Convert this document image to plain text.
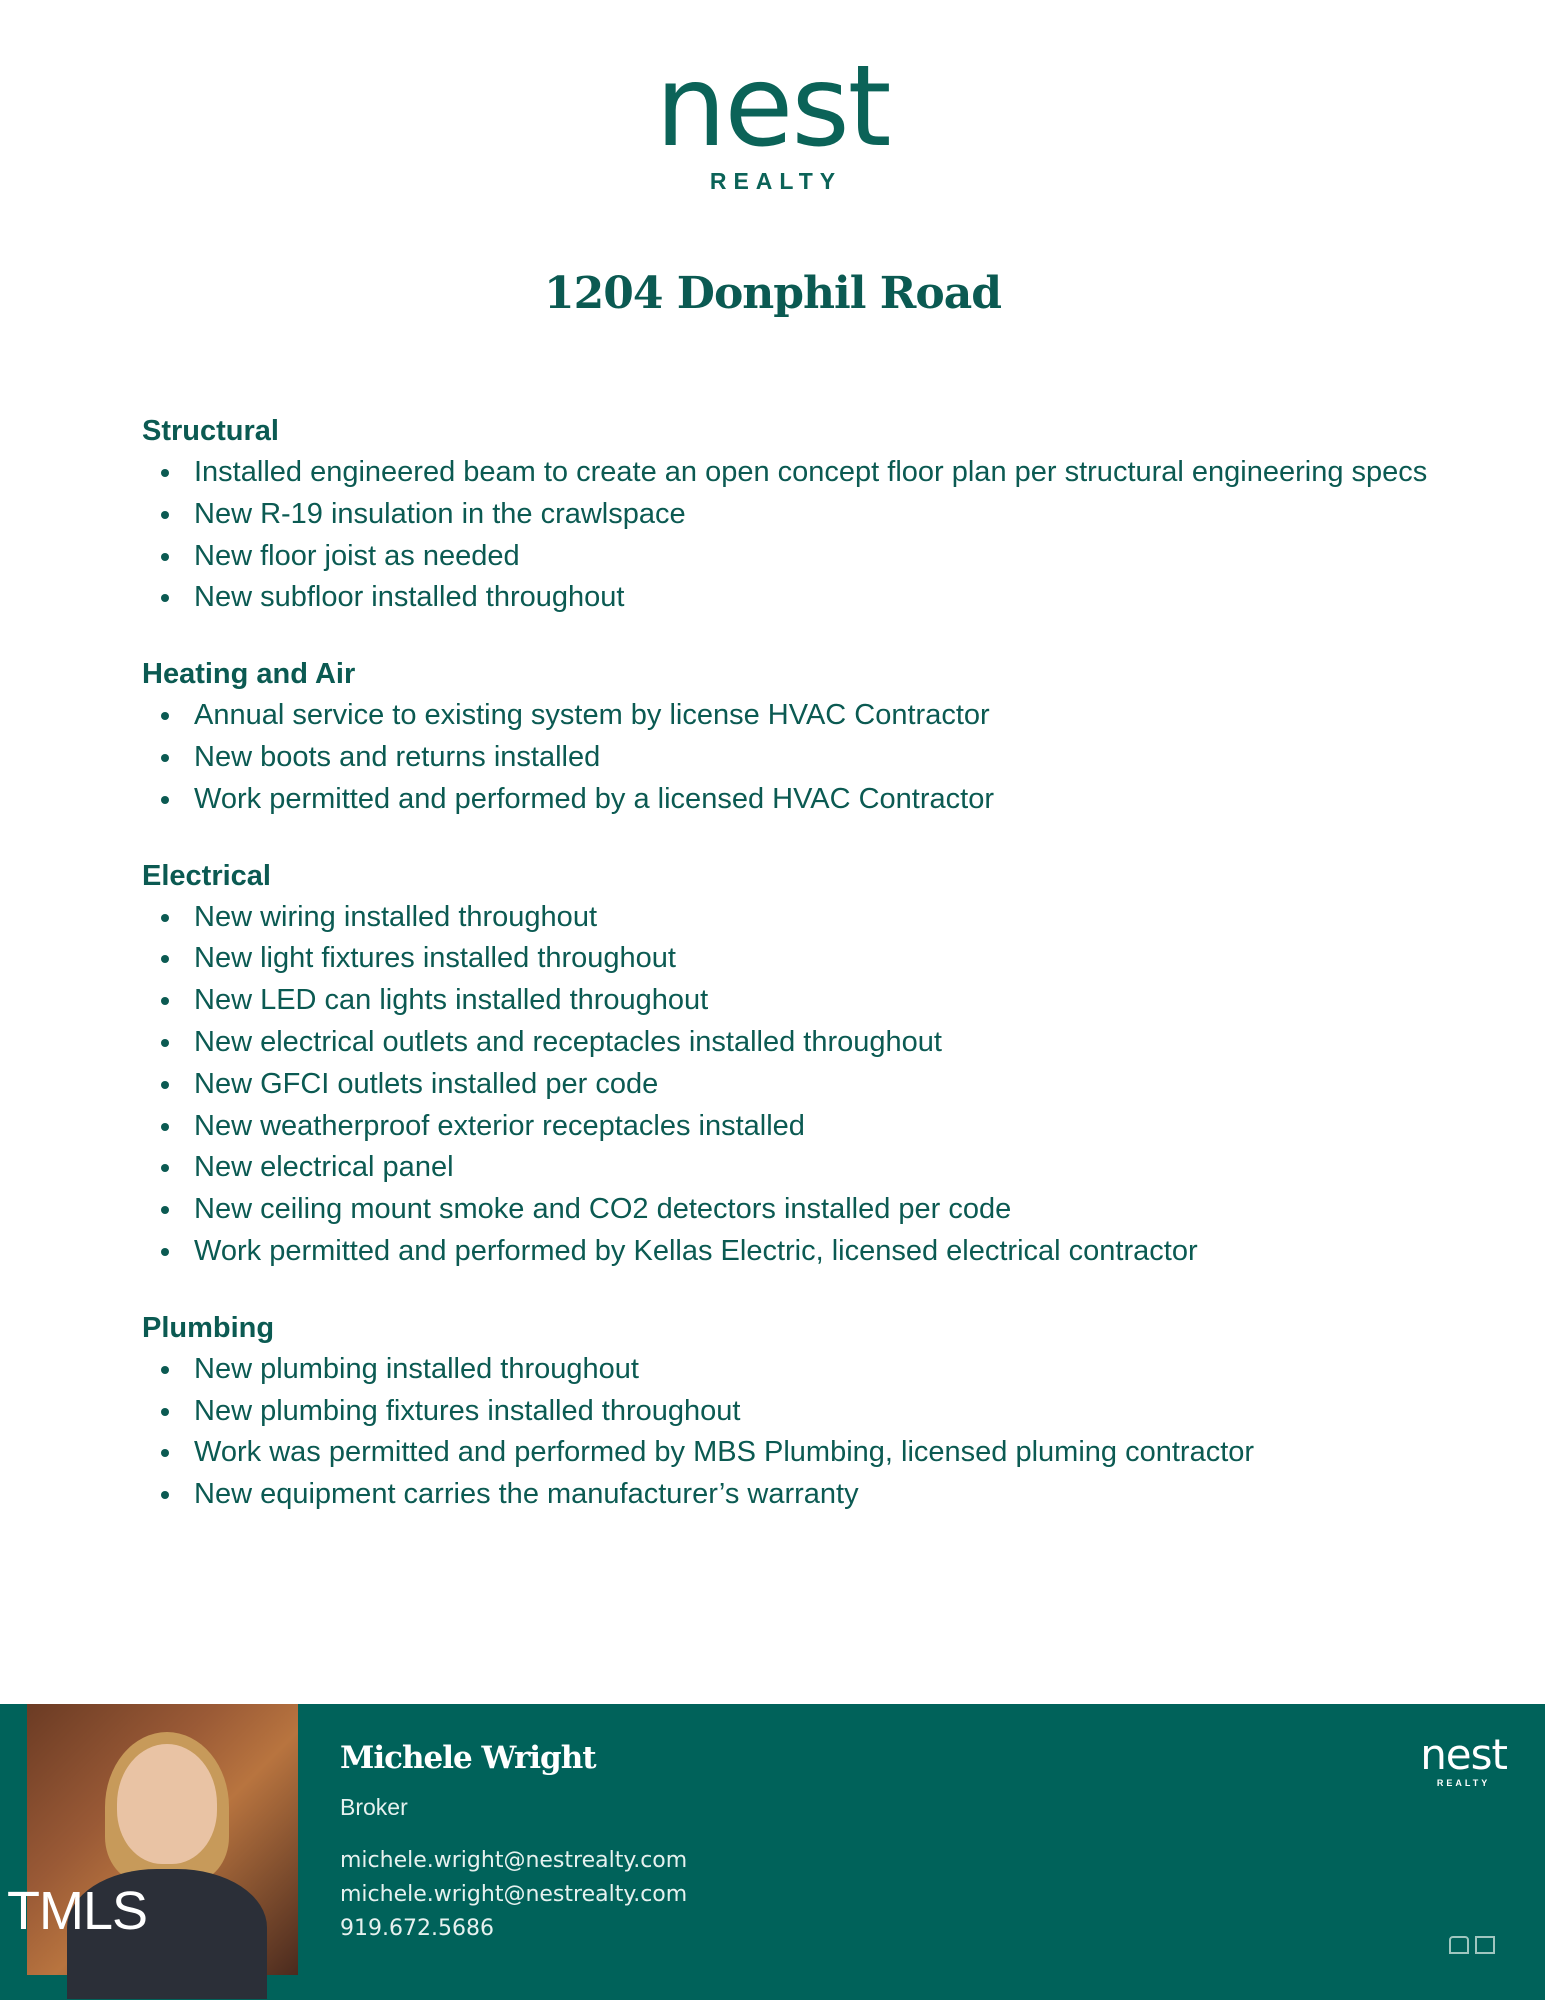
nest
REALTY
1204 Donphil Road
Structural
Installed engineered beam to create an open concept floor plan per structural engineering specs
New R-19 insulation in the crawlspace
New floor joist as needed
New subfloor installed throughout
Heating and Air
Annual service to existing system by license HVAC Contractor
New boots and returns installed
Work permitted and performed by a licensed HVAC Contractor
Electrical
New wiring installed throughout
New light fixtures installed throughout
New LED can lights installed throughout
New electrical outlets and receptacles installed throughout
New GFCI outlets installed per code
New weatherproof exterior receptacles installed
New electrical panel
New ceiling mount smoke and CO2 detectors installed per code
Work permitted and performed by Kellas Electric, licensed electrical contractor
Plumbing
New plumbing installed throughout
New plumbing fixtures installed throughout
Work was permitted and performed by MBS Plumbing, licensed pluming contractor
New equipment carries the manufacturer’s warranty
TMLS
Michele Wright
Broker
michele.wright@nestrealty.com
michele.wright@nestrealty.com
919.672.5686
nest
REALTY
